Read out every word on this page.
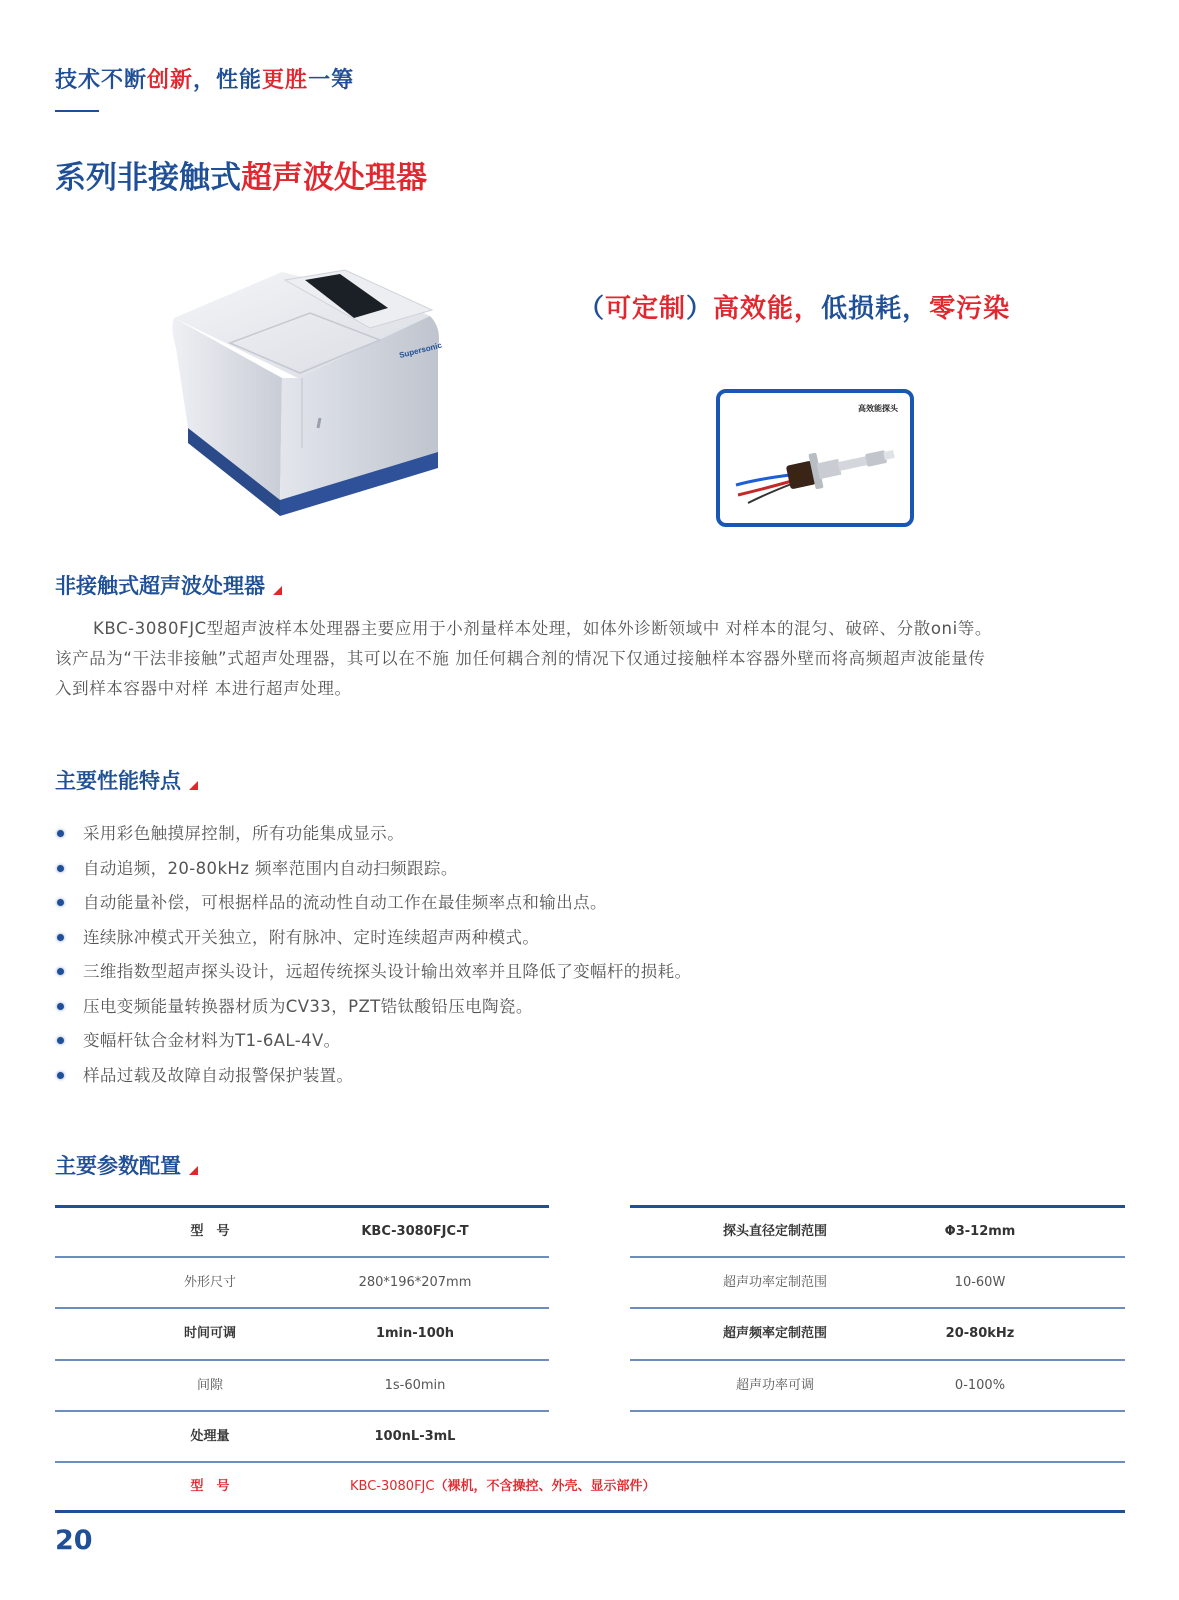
技术不断创新，性能更胜一筹
系列非接触式超声波处理器
Supersonic
（可定制）高效能，低损耗，零污染
高效能探头
非接触式超声波处理器

KBC-3080FJC型超声波样本处理器主要应用于小剂量样本处理，如体外诊断领域中 对样本的混匀、破碎、分散oni等。

该产品为“干法非接触”式超声处理器，其可以在不施 加任何耦合剂的情况下仅通过接触样本容器外壁而将高频超声波能量传

入到样本容器中对样 本进行超声处理。

主要性能特点
采用彩色触摸屏控制，所有功能集成显示。
自动追频，20-80kHz 频率范围内自动扫频跟踪。
自动能量补偿，可根据样品的流动性自动工作在最佳频率点和输出点。
连续脉冲模式开关独立，附有脉冲、定时连续超声两种模式。
三维指数型超声探头设计，远超传统探头设计输出效率并且降低了变幅杆的损耗。
压电变频能量转换器材质为CV33，PZT锆钛酸铅压电陶瓷。
变幅杆钛合金材料为T1-6AL-4V。
样品过载及故障自动报警保护装置。
主要参数配置
型　号	KBC-3080FJC-T
外形尺寸	280*196*207mm
时间可调	1min-100h
间隙	1s-60min
处理量	100nL-3mL
探头直径定制范围	Φ3-12mm
超声功率定制范围	10-60W
超声频率定制范围	20-80kHz
超声功率可调	0-100%
型　号	KBC-3080FJC（裸机，不含操控、外壳、显示部件）
20
